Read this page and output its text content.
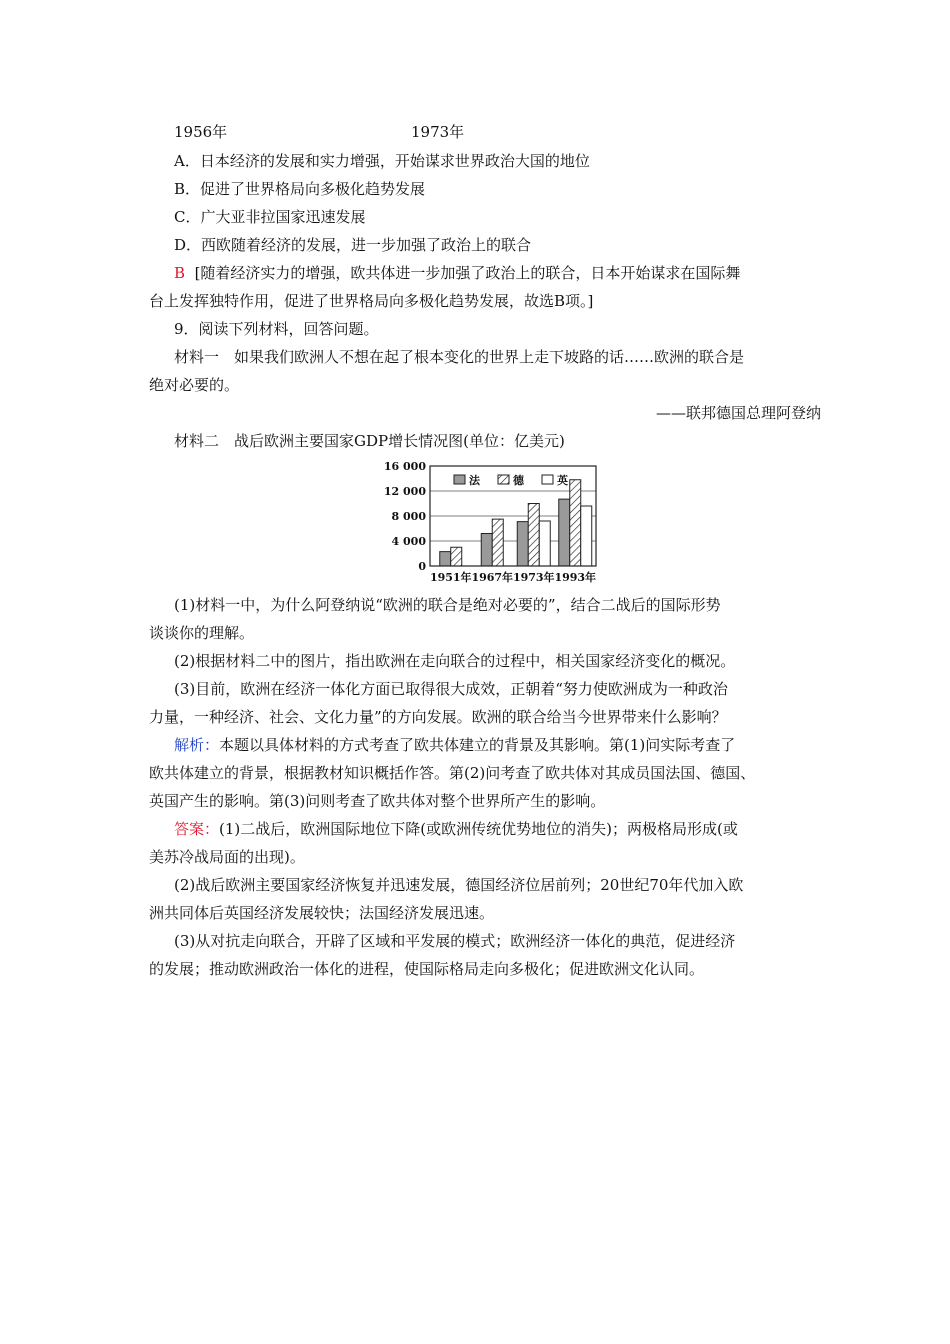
1956年	1973年
A．日本经济的发展和实力增强，开始谋求世界政治大国的地位
B．促进了世界格局向多极化趋势发展
C．广大亚非拉国家迅速发展
D．西欧随着经济的发展，进一步加强了政治上的联合
B [随着经济实力的增强，欧共体进一步加强了政治上的联合，日本开始谋求在国际舞
台上发挥独特作用，促进了世界格局向多极化趋势发展，故选B项。]
9．阅读下列材料，回答问题。
材料一　如果我们欧洲人不想在起了根本变化的世界上走下坡路的话……欧洲的联合是
绝对必要的。
——联邦德国总理阿登纳
材料二　战后欧洲主要国家GDP增长情况图(单位：亿美元)
16 000
12 000
8 000
4 000
0
1951年 1967年 1973年 1993年
法	德	英
(1)材料一中，为什么阿登纳说“欧洲的联合是绝对必要的”，结合二战后的国际形势
谈谈你的理解。
(2)根据材料二中的图片，指出欧洲在走向联合的过程中，相关国家经济变化的概况。
(3)目前，欧洲在经济一体化方面已取得很大成效，正朝着“努力使欧洲成为一种政治
力量，一种经济、社会、文化力量”的方向发展。欧洲的联合给当今世界带来什么影响？
解析：本题以具体材料的方式考查了欧共体建立的背景及其影响。第(1)问实际考查了
欧共体建立的背景，根据教材知识概括作答。第(2)问考查了欧共体对其成员国法国、德国、
英国产生的影响。第(3)问则考查了欧共体对整个世界所产生的影响。
答案：(1)二战后，欧洲国际地位下降(或欧洲传统优势地位的消失)；两极格局形成(或
美苏冷战局面的出现)。
(2)战后欧洲主要国家经济恢复并迅速发展，德国经济位居前列；20世纪70年代加入欧
洲共同体后英国经济发展较快；法国经济发展迅速。
(3)从对抗走向联合，开辟了区域和平发展的模式；欧洲经济一体化的典范，促进经济
的发展；推动欧洲政治一体化的进程，使国际格局走向多极化；促进欧洲文化认同。
